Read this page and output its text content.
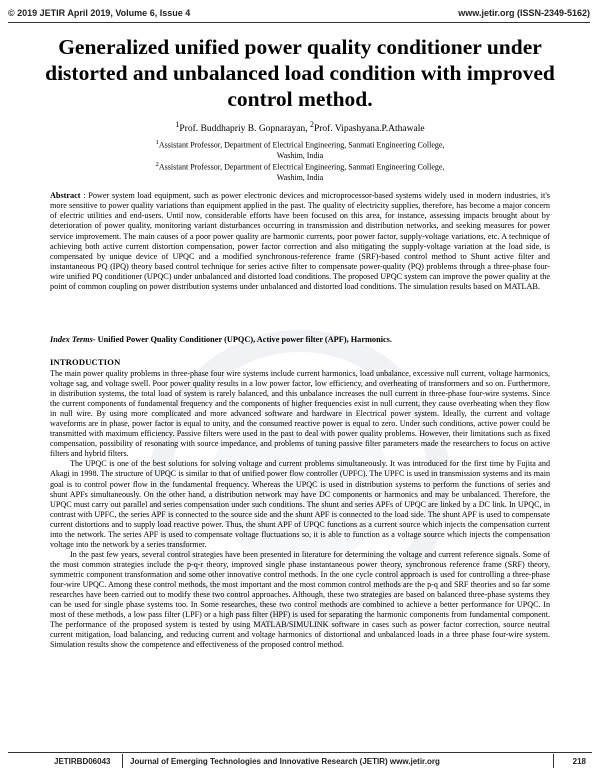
© 2019 JETIR April 2019, Volume 6, Issue 4	www.jetir.org (ISSN-2349-5162)
Generalized unified power quality conditioner under distorted and unbalanced load condition with improved control method.
$^1$Prof. Buddhapriy B. Gopnarayan, $^2$Prof. Vipashyana.P.Athawale
$^1$Assistant Professor, Department of Electrical Engineering, Sanmati Engineering College,
Washim, India
$^2$Assistant Professor, Department of Electrical Engineering, Sanmati Engineering College,
Washim, India
Abstract : Power system load equipment, such as power electronic devices and microprocessor-based systems widely used in modern industries, it's more sensitive to power quality variations than equipment applied in the past. The quality of electricity supplies, therefore, has become a major concern of electric utilities and end-users. Until now, considerable efforts have been focused on this area, for instance, assessing impacts brought about by deterioration of power quality, monitoring variant disturbances occurring in transmission and distribution networks, and seeking measures for power service improvement. The main causes of a poor power quality are harmonic currents, poor power factor, supply-voltage variations, etc. A technique of achieving both active current distortion compensation, power factor correction and also mitigating the supply-voltage variation at the load side, is compensated by unique device of UPQC and a modified synchronous-reference frame (SRF)-based control method to Shunt active filter and instantaneous PQ (IPQ) theory based control technique for series active filter to compensate power-quality (PQ) problems through a three-phase four-wire unified PQ conditioner (UPQC) under unbalanced and distorted load conditions. The proposed UPQC system can improve the power quality at the point of common coupling on power distribution systems under unbalanced and distorted load conditions. The simulation results based on MATLAB.
Index Terms- Unified Power Quality Conditioner (UPQC), Active power filter (APF), Harmonics.
INTRODUCTION

The main power quality problems in three-phase four wire systems include current harmonics, load unbalance, excessive null current, voltage harmonics, voltage sag, and voltage swell. Poor power quality results in a low power factor, low efficiency, and overheating of transformers and so on. Furthermore, in distribution systems, the total load of system is rarely balanced, and this unbalance increases the null current in three-phase four-wire systems. Since the current components of fundamental frequency and the components of higher frequencies exist in null current, they cause overheating when they flow in null wire. By using more complicated and more advanced software and hardware in Electrical power system. Ideally, the current and voltage waveforms are in phase, power factor is equal to unity, and the consumed reactive power is equal to zero. Under such conditions, active power could be transmitted with maximum efficiency. Passive filters were used in the past to deal with power quality problems. However, their limitations such as fixed compensation, possibility of resonating with source impedance, and problems of tuning passive filter parameters made the researchers to focus on active filters and hybrid filters.

The UPQC is one of the best solutions for solving voltage and current problems simultaneously. It was introduced for the first time by Fujita and Akagi in 1998. The structure of UPQC is similar to that of unified power flow controller (UPFC). The UPFC is used in transmission systems and its main goal is to control power flow in the fundamental frequency. Whereas the UPQC is used in distribution systems to perform the functions of series and shunt APFs simultaneously. On the other hand, a distribution network may have DC components or harmonics and may be unbalanced. Therefore, the UPQC must carry out parallel and series compensation under such conditions. The shunt and series APFs of UPQC are linked by a DC link. In UPQC, in contrast with UPFC, the series APF is connected to the source side and the shunt APF is connected to the load side. The shunt APF is used to compensate current distortions and to supply load reactive power. Thus, the shunt APF of UPQC functions as a current source which injects the compensation current into the network. The series APF is used to compensate voltage fluctuations so, it is able to function as a voltage source which injects the compensation voltage into the network by a series transformer.

In the past few years, several control strategies have been presented in literature for determining the voltage and current reference signals. Some of the most common strategies include the p-q-r theory, improved single phase instantaneous power theory, synchronous reference frame (SRF) theory, symmetric component transformation and some other innovative control methods. In the one cycle control approach is used for controlling a three-phase four-wire UPQC. Among these control methods, the most important and the most common control methods are the p-q and SRF theories and so far some researches have been carried out to modify these two control approaches. Although, these two strategies are based on balanced three-phase systems they can be used for single phase systems too. In Some researches, these two control methods are combined to achieve a better performance for UPQC. In most of these methods, a low pass filter (LPF) or a high pass filter (HPF) is used for separating the harmonic components from fundamental component. The performance of the proposed system is tested by using MATLAB/SIMULINK software in cases such as power factor correction, source neutral current mitigation, load balancing, and reducing current and voltage harmonics of distortional and unbalanced loads in a three phase four-wire system. Simulation results show the competence and effectiveness of the proposed control method.

JETIRBD06043 Journal of Emerging Technologies and Innovative Research (JETIR) www.jetir.org	218
